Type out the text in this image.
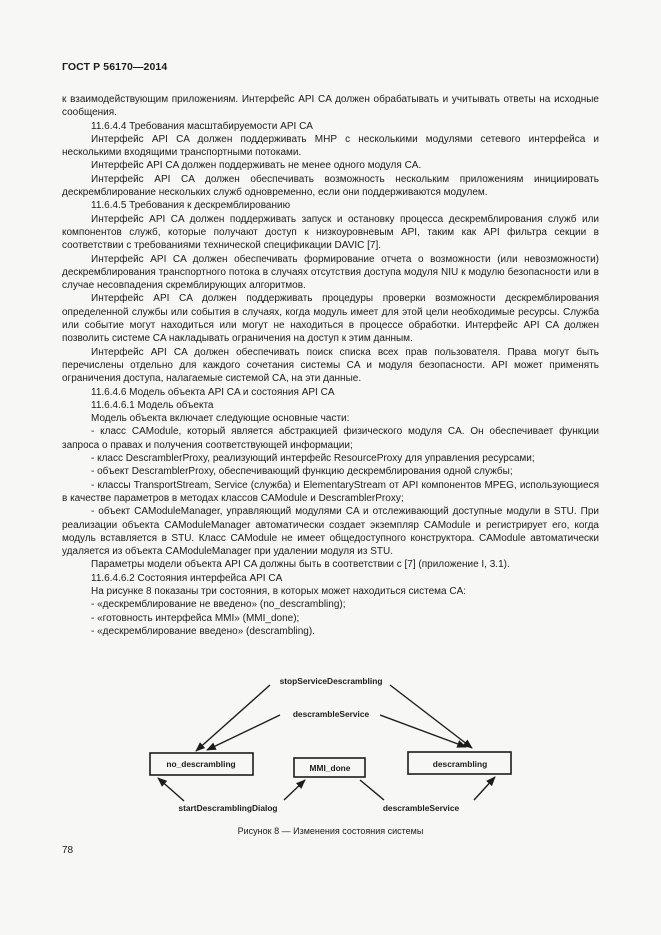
ГОСТ Р 56170—2014

к взаимодействующим приложениям. Интерфейс API CA должен обрабатывать и учитывать ответы на исходные сообщения.

11.6.4.4 Требования масштабируемости API CA

Интерфейс API CA должен поддерживать МНР с несколькими модулями сетевого интерфейса и несколькими входящими транспортными потоками.

Интерфейс API CA должен поддерживать не менее одного модуля CA.

Интерфейс API CA должен обеспечивать возможность нескольким приложениям инициировать дескремблирование нескольких служб одновременно, если они поддерживаются модулем.

11.6.4.5 Требования к дескремблированию

Интерфейс API CA должен поддерживать запуск и остановку процесса дескремблирования служб или компонентов служб, которые получают доступ к низкоуровневым API, таким как API фильтра секции в соответствии с требованиями технической спецификации DAVIC [7].

Интерфейс API CA должен обеспечивать формирование отчета о возможности (или невозможности) дескремблирования транспортного потока в случаях отсутствия доступа модуля NIU к модулю безопасности или в случае несовпадения скремблирующих алгоритмов.

Интерфейс API CA должен поддерживать процедуры проверки возможности дескремблирования определенной службы или события в случаях, когда модуль имеет для этой цели необходимые ресурсы. Служба или событие могут находиться или могут не находиться в процессе обработки. Интерфейс API CA должен позволить системе CA накладывать ограничения на доступ к этим данным.

Интерфейс API CA должен обеспечивать поиск списка всех прав пользователя. Права могут быть перечислены отдельно для каждого сочетания системы CA и модуля безопасности. API может применять ограничения доступа, налагаемые системой CA, на эти данные.

11.6.4.6 Модель объекта API CA и состояния API CA

11.6.4.6.1 Модель объекта

Модель объекта включает следующие основные части:

- класс CAModule, который является абстракцией физического модуля CA. Он обеспечивает функции запроса о правах и получения соответствующей информации;

- класс DescramblerProxy, реализующий интерфейс ResourceProxy для управления ресурсами;

- объект DescramblerProxy, обеспечивающий функцию дескремблирования одной службы;

- классы TransportStream, Service (служба) и ElementaryStream от API компонентов MPEG, использующиеся в качестве параметров в методах классов CAModule и DescramblerProxy;

- объект CAModuleManager, управляющий модулями CA и отслеживающий доступные модули в STU. При реализации объекта CAModuleManager автоматически создает экземпляр CAModule и регистрирует его, когда модуль вставляется в STU. Класс CAModule не имеет общедоступного конструктора. CAModule автоматически удаляется из объекта CAModuleManager при удалении модуля из STU.

Параметры модели объекта API CA должны быть в соответствии с [7] (приложение I, 3.1).

11.6.4.6.2 Состояния интерфейса API CA

На рисунке 8 показаны три состояния, в которых может находиться система CA:

- «дескремблирование не введено» (no_descrambling);

- «готовность интерфейса MMI» (MMI_done);

- «дескремблирование введено» (descrambling).

no_descrambling	MMI_done	descrambling
stopServiceDescrambling
descrambleService
startDescramblingDialog	descrambleService
Рисунок 8 — Изменения состояния системы
78
